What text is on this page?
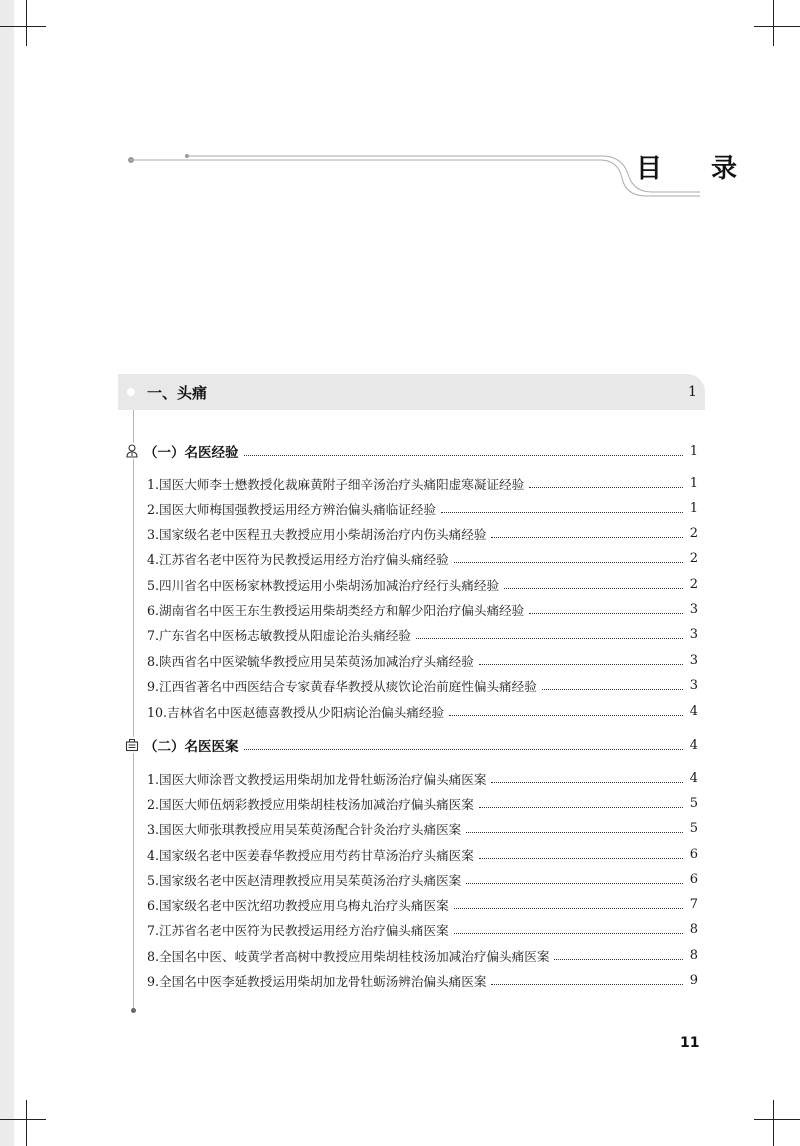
目 录
一、头痛	1
（一）名医经验	1
1.国医大师李士懋教授化裁麻黄附子细辛汤治疗头痛阳虚寒凝证经验	1
2.国医大师梅国强教授运用经方辨治偏头痛临证经验	1
3.国家级名老中医程丑夫教授应用小柴胡汤治疗内伤头痛经验	2
4.江苏省名老中医符为民教授运用经方治疗偏头痛经验	2
5.四川省名中医杨家林教授运用小柴胡汤加减治疗经行头痛经验	2
6.湖南省名中医王东生教授运用柴胡类经方和解少阳治疗偏头痛经验	3
7.广东省名中医杨志敏教授从阳虚论治头痛经验	3
8.陕西省名中医梁毓华教授应用吴茱萸汤加减治疗头痛经验	3
9.江西省著名中西医结合专家黄春华教授从痰饮论治前庭性偏头痛经验	3
10.吉林省名中医赵德喜教授从少阳病论治偏头痛经验	4
（二）名医医案	4
1.国医大师涂晋文教授运用柴胡加龙骨牡蛎汤治疗偏头痛医案	4
2.国医大师伍炳彩教授应用柴胡桂枝汤加减治疗偏头痛医案	5
3.国医大师张琪教授应用吴茱萸汤配合针灸治疗头痛医案	5
4.国家级名老中医姜春华教授应用芍药甘草汤治疗头痛医案	6
5.国家级名老中医赵清理教授应用吴茱萸汤治疗头痛医案	6
6.国家级名老中医沈绍功教授应用乌梅丸治疗头痛医案	7
7.江苏省名老中医符为民教授运用经方治疗偏头痛医案	8
8.全国名中医、岐黄学者高树中教授应用柴胡桂枝汤加减治疗偏头痛医案	8
9.全国名中医李延教授运用柴胡加龙骨牡蛎汤辨治偏头痛医案	9
11
